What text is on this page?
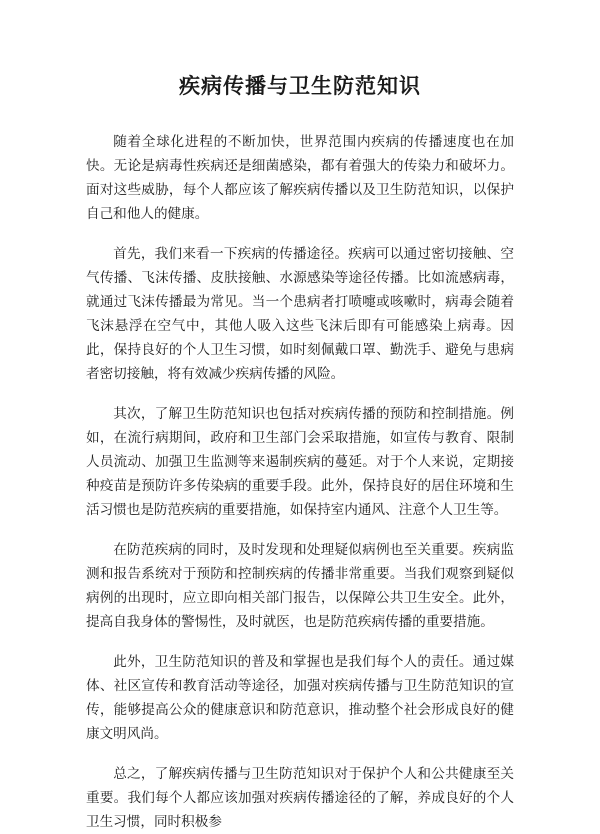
疾病传播与卫生防范知识

随着全球化进程的不断加快，世界范围内疾病的传播速度也在加快。无论是病毒性疾病还是细菌感染，都有着强大的传染力和破坏力。面对这些威胁，每个人都应该了解疾病传播以及卫生防范知识，以保护自己和他人的健康。

首先，我们来看一下疾病的传播途径。疾病可以通过密切接触、空气传播、飞沫传播、皮肤接触、水源感染等途径传播。比如流感病毒，就通过飞沫传播最为常见。当一个患病者打喷嚏或咳嗽时，病毒会随着飞沫悬浮在空气中，其他人吸入这些飞沫后即有可能感染上病毒。因此，保持良好的个人卫生习惯，如时刻佩戴口罩、勤洗手、避免与患病者密切接触，将有效减少疾病传播的风险。

其次，了解卫生防范知识也包括对疾病传播的预防和控制措施。例如，在流行病期间，政府和卫生部门会采取措施，如宣传与教育、限制人员流动、加强卫生监测等来遏制疾病的蔓延。对于个人来说，定期接种疫苗是预防许多传染病的重要手段。此外，保持良好的居住环境和生活习惯也是防范疾病的重要措施，如保持室内通风、注意个人卫生等。

在防范疾病的同时，及时发现和处理疑似病例也至关重要。疾病监测和报告系统对于预防和控制疾病的传播非常重要。当我们观察到疑似病例的出现时，应立即向相关部门报告，以保障公共卫生安全。此外，提高自我身体的警惕性，及时就医，也是防范疾病传播的重要措施。

此外，卫生防范知识的普及和掌握也是我们每个人的责任。通过媒体、社区宣传和教育活动等途径，加强对疾病传播与卫生防范知识的宣传，能够提高公众的健康意识和防范意识，推动整个社会形成良好的健康文明风尚。

总之，了解疾病传播与卫生防范知识对于保护个人和公共健康至关重要。我们每个人都应该加强对疾病传播途径的了解，养成良好的个人卫生习惯，同时积极参
